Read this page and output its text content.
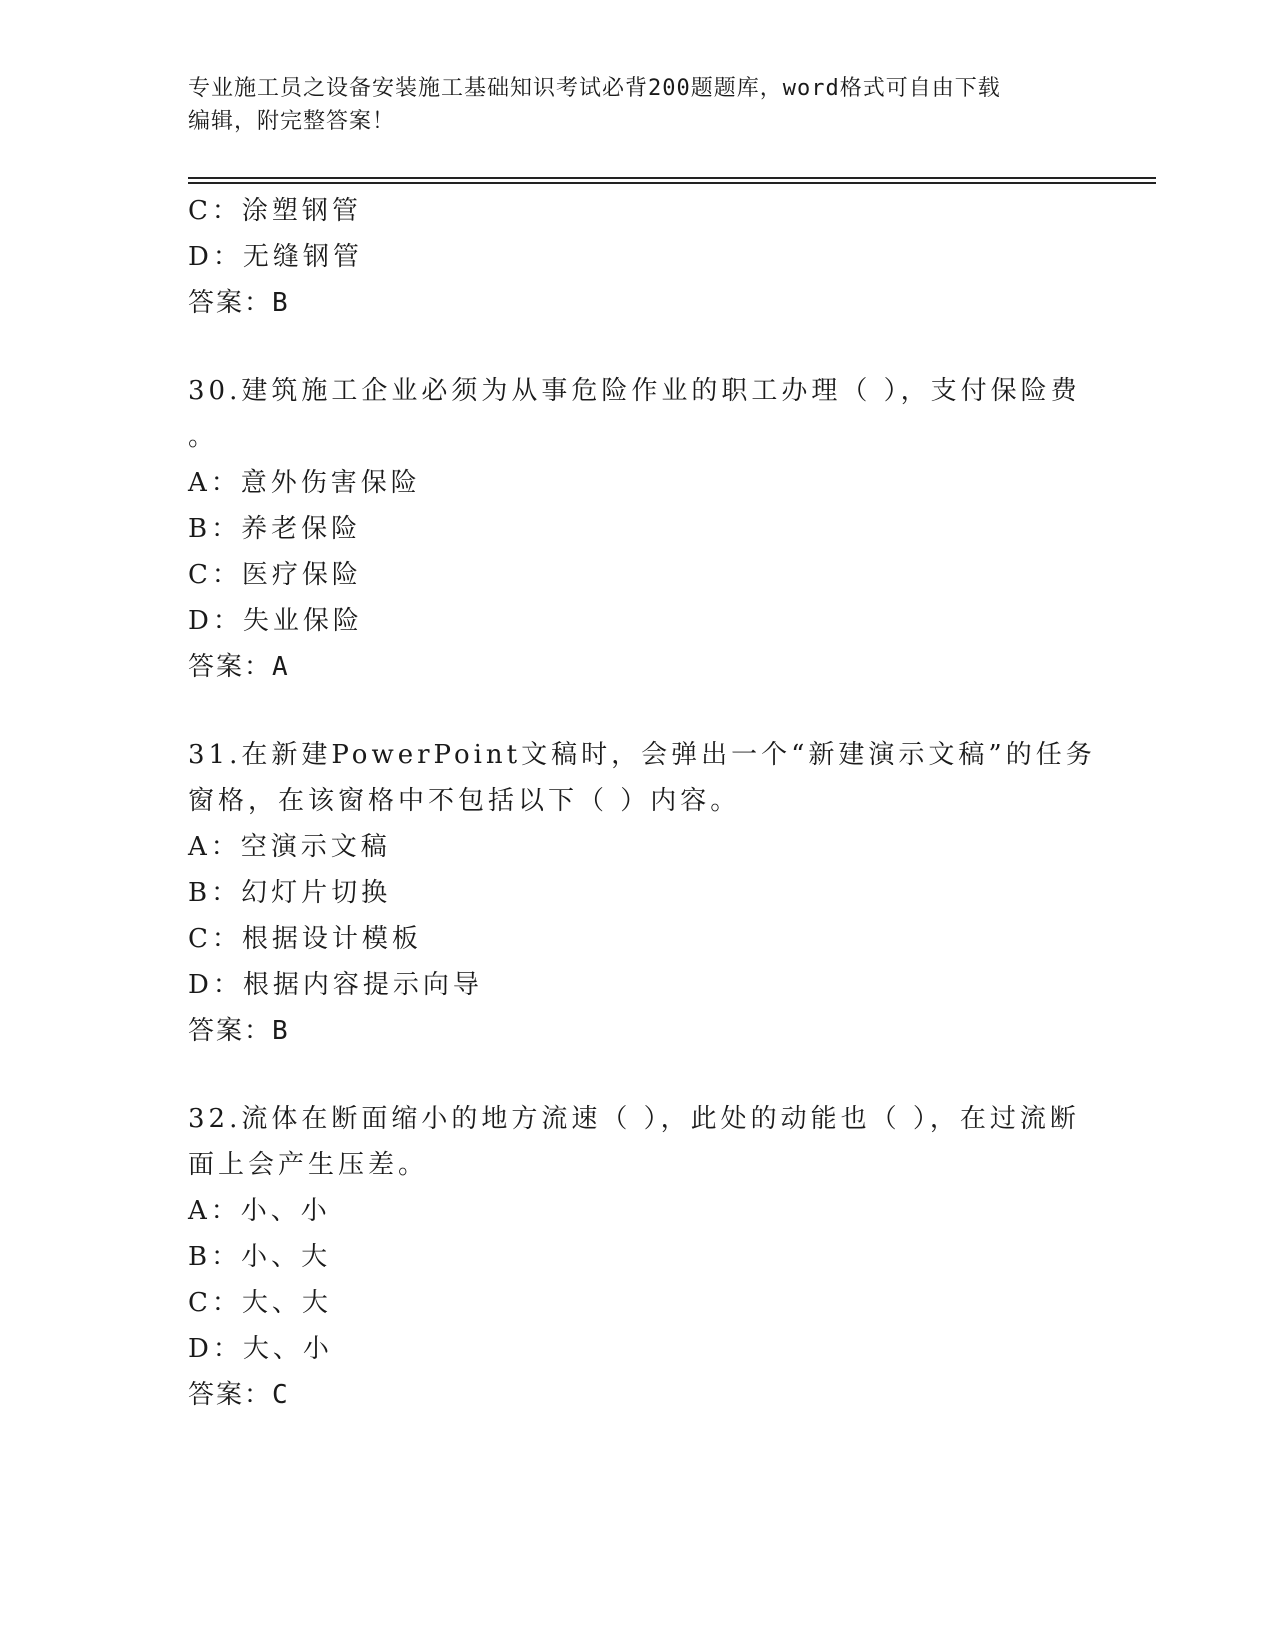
专业施工员之设备安装施工基础知识考试必背200题题库，word格式可自由下载
编辑，附完整答案！
C：涂塑钢管
D：无缝钢管
答案：B
30.建筑施工企业必须为从事危险作业的职工办理（ ），支付保险费
。
A：意外伤害保险
B：养老保险
C：医疗保险
D：失业保险
答案：A
31.在新建PowerPoint文稿时，会弹出一个“新建演示文稿”的任务
窗格，在该窗格中不包括以下（ ）内容。
A：空演示文稿
B：幻灯片切换
C：根据设计模板
D：根据内容提示向导
答案：B
32.流体在断面缩小的地方流速（ ），此处的动能也（ ），在过流断
面上会产生压差。
A：小、小
B：小、大
C：大、大
D：大、小
答案：C
